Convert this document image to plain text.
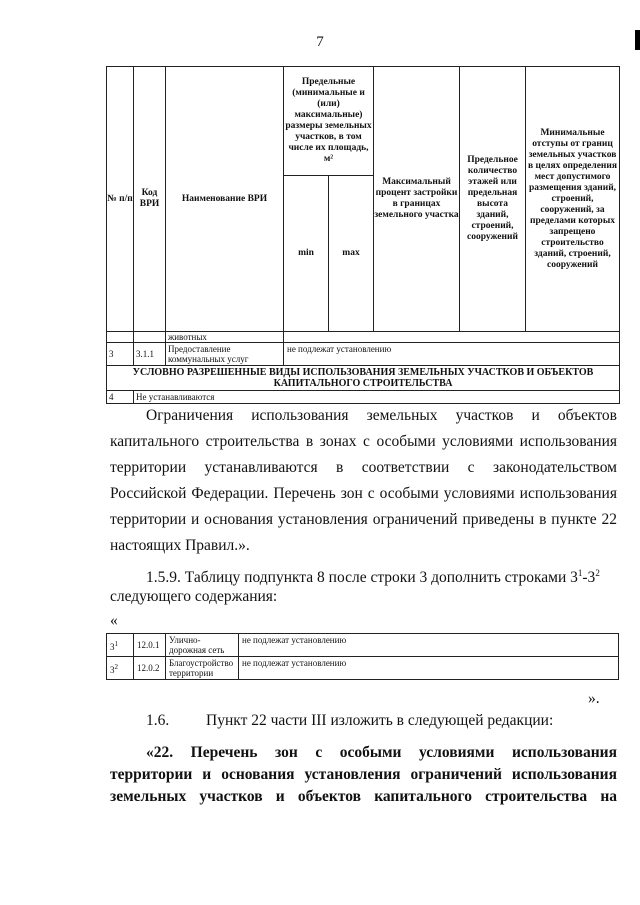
7
№ п/п	Код ВРИ	Наименование ВРИ	Предельные (минимальные и (или) максимальные) размеры земельных участков, в том числе их площадь, м²		Максимальный процент застройки в границах земельного участка	Предельное количество этажей или предельная высота зданий, строений, сооружений	Минимальные отступы от границ земельных участков в целях определения мест допустимого размещения зданий, строений, сооружений, за пределами которых запрещено строительство зданий, строений, сооружений
			min	max			
		животных					
3	3.1.1	Предоставление коммунальных услуг	не подлежат установлению				
УСЛОВНО РАЗРЕШЕННЫЕ ВИДЫ ИСПОЛЬЗОВАНИЯ ЗЕМЕЛЬНЫХ УЧАСТКОВ И ОБЪЕКТОВ КАПИТАЛЬНОГО СТРОИТЕЛЬСТВА							
4	Не устанавливаются						

Ограничения использования земельных участков и объектов
капитального строительства в зонах с особыми условиями использования
территории устанавливаются в соответствии с законодательством
Российской Федерации. Перечень зон с особыми условиями использования
территории и основания установления ограничений приведены в пункте 22

настоящих Правил.».

1.5.9. Таблицу подпункта 8 после строки 3 дополнить строками $3^1-3^2$

следующего содержания:

«

$3^1$	12.0.1	Улично-дорожная сеть	не подлежат установлению
$3^2$	12.0.2	Благоустройство территории	не подлежат установлению

».

1.6. Пункт 22 части III изложить в следующей редакции:

«22. Перечень зон с особыми условиями использования
территории и основания установления ограничений использования
земельных участков и объектов капитального строительства на
